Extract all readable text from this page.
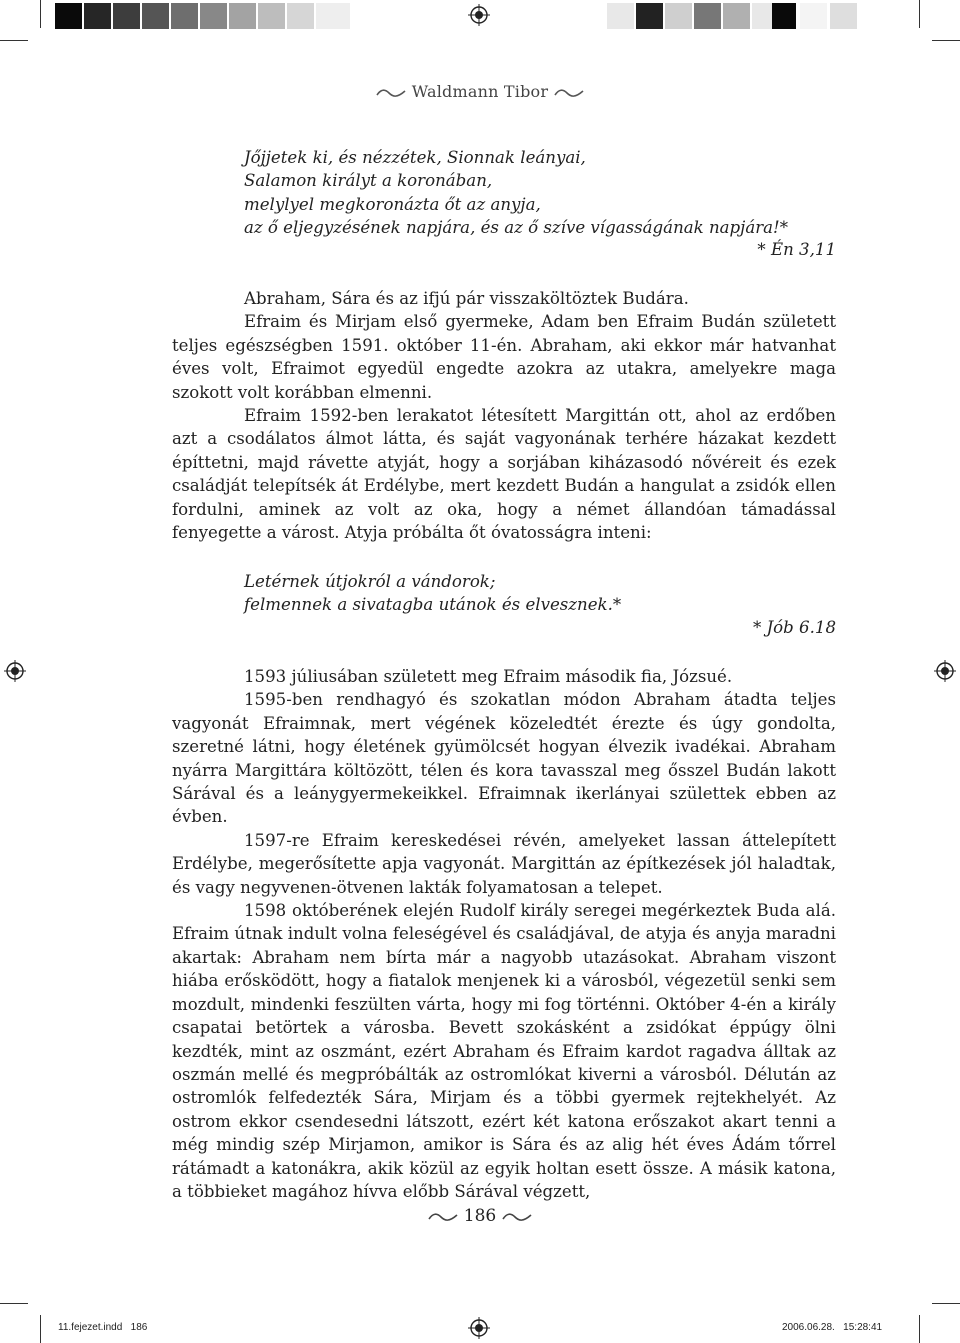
Waldmann Tibor
Jőjjetek ki, és nézzétek, Sionnak leányai,
Salamon királyt a koronában,
melylyel megkoronázta őt az anyja,
az ő eljegyzésének napjára, és az ő szíve vígasságának napjára!*
* Én 3,11

Abraham, Sára és az ifjú pár visszaköltöztek Budára.

Efraim és Mirjam első gyermeke, Adam ben Efraim Budán született teljes egészségben 1591. október 11-én. Abraham, aki ekkor már hatvanhat éves volt, Efraimot egyedül engedte azokra az utakra, amelyekre maga szokott volt korábban elmenni.

Efraim 1592-ben lerakatot létesített Margittán ott, ahol az erdőben azt a csodálatos álmot látta, és saját vagyonának terhére házakat kezdett építtetni, majd rávette atyját, hogy a sorjában kiházasodó nővéreit és ezek családját telepítsék át Erdélybe, mert kezdett Budán a hangulat a zsidók ellen fordulni, aminek az volt az oka, hogy a német állandóan támadással fenyegette a várost. Atyja próbálta őt óvatosságra inteni:

Letérnek útjokról a vándorok;
felmennek a sivatagba utánok és elvesznek.*
* Jób 6.18

1593 júliusában született meg Efraim második fia, Józsué.

1595-ben rendhagyó és szokatlan módon Abraham átadta teljes vagyonát Efraimnak, mert végének közeledtét érezte és úgy gondolta, szeretné látni, hogy életének gyümölcsét hogyan élvezik ivadékai. Abraham nyárra Margittára költözött, télen és kora tavasszal meg ősszel Budán lakott Sárával és a leánygyermekeikkel. Efraimnak ikerlányai születtek ebben az évben.

1597-re Efraim kereskedései révén, amelyeket lassan áttelepített Erdélybe, megerősítette apja vagyonát. Margittán az építkezések jól haladtak, és vagy negyvenen-ötvenen lakták folyamatosan a telepet.

1598 októberének elején Rudolf király seregei megérkeztek Buda alá. Efraim útnak indult volna feleségével és családjával, de atyja és anyja maradni akartak: Abraham nem bírta már a nagyobb utazásokat. Abraham viszont hiába erősködött, hogy a fiatalok menjenek ki a városból, végezetül senki sem mozdult, mindenki feszülten várta, hogy mi fog történni. Október 4-én a király csapatai betörtek a városba. Bevett szokásként a zsidókat éppúgy ölni kezdték, mint az oszmánt, ezért Abraham és Efraim kardot ragadva álltak az oszmán mellé és megpróbálták az ostromlókat kiverni a városból. Délután az ostromlók felfedezték Sára, Mirjam és a többi gyermek rejtekhelyét. Az ostrom ekkor csendesedni látszott, ezért két katona erőszakot akart tenni a még mindig szép Mirjamon, amikor is Sára és az alig hét éves Ádám tőrrel rátámadt a katonákra, akik közül az egyik holtan esett össze. A másik katona, a többieket magához hívva előbb Sárával végzett,

186
11.fejezet.indd   186	2006.06.28.   15:28:41
